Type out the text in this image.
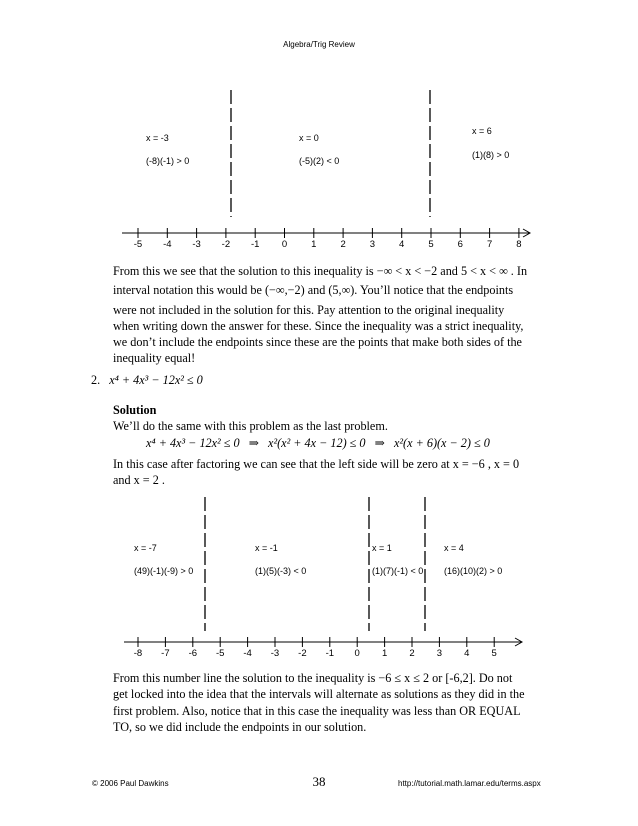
Algebra/Trig Review
-5 -4 -3 -2 -1 0	1	2	3	4	5	6	7	8
x = -3
(-8)(-1) > 0
x = 0
(-5)(2) < 0
x = 6
(1)(8) > 0
From this we see that the solution to this inequality is −∞ < x < −2 and 5 < x < ∞ . In
interval notation this would be (−∞,−2) and (5,∞). You’ll notice that the endpoints
were not included in the solution for this. Pay attention to the original inequality
when writing down the answer for these. Since the inequality was a strict inequality,
we don’t include the endpoints since these are the points that make both sides of the
inequality equal!
2. x⁴ + 4x³ − 12x² ≤ 0
Solution
We’ll do the same with this problem as the last problem.
x⁴ + 4x³ − 12x² ≤ 0   ⇒   x²(x² + 4x − 12) ≤ 0   ⇒   x²(x + 6)(x − 2) ≤ 0
In this case after factoring we can see that the left side will be zero at x = −6 , x = 0
and x = 2 .
-8 -7 -6 -5 -4 -3 -2 -1 0 1 2 3 4 5
x = -7
(49)(-1)(-9) > 0
x = -1
(1)(5)(-3) < 0
x = 1
(1)(7)(-1) < 0
x = 4
(16)(10)(2) > 0
From this number line the solution to the inequality is −6 ≤ x ≤ 2 or [-6,2]. Do not
get locked into the idea that the intervals will alternate as solutions as they did in the
first problem. Also, notice that in this case the inequality was less than OR EQUAL
TO, so we did include the endpoints in our solution.
© 2006 Paul Dawkins	38	http://tutorial.math.lamar.edu/terms.aspx
